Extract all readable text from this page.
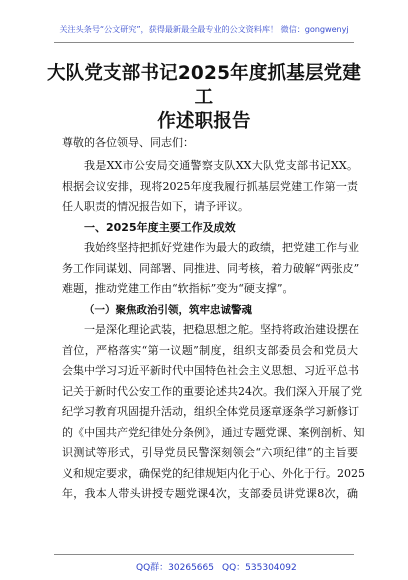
关注头条号“公文研究”，获得最新最全最专业的公文资料库！ 微信：gongwenyj
大队党支部书记2025年度抓基层党建工
作述职报告
尊敬的各位领导、同志们：
我是XX市公安局交通警察支队XX大队党支部书记XX。
根据会议安排，现将2025年度我履行抓基层党建工作第一责
任人职责的情况报告如下，请予评议。
一、2025年度主要工作及成效
我始终坚持把抓好党建作为最大的政绩，把党建工作与业
务工作同谋划、同部署、同推进、同考核，着力破解“两张皮”
难题，推动党建工作由“软指标”变为“硬支撑”。
（一）聚焦政治引领，筑牢忠诚警魂
一是深化理论武装，把稳思想之舵。坚持将政治建设摆在
首位，严格落实“第一议题”制度，组织支部委员会和党员大
会集中学习习近平新时代中国特色社会主义思想、习近平总书
记关于新时代公安工作的重要论述共24次。我们深入开展了党
纪学习教育巩固提升活动，组织全体党员逐章逐条学习新修订
的《中国共产党纪律处分条例》，通过专题党课、案例剖析、知
识测试等形式，引导党员民警深刻领会“六项纪律”的主旨要
义和规定要求，确保党的纪律规矩内化于心、外化于行。2025
年，我本人带头讲授专题党课4次，支部委员讲党课8次，确
QQ群：30265665 QQ：535304092
